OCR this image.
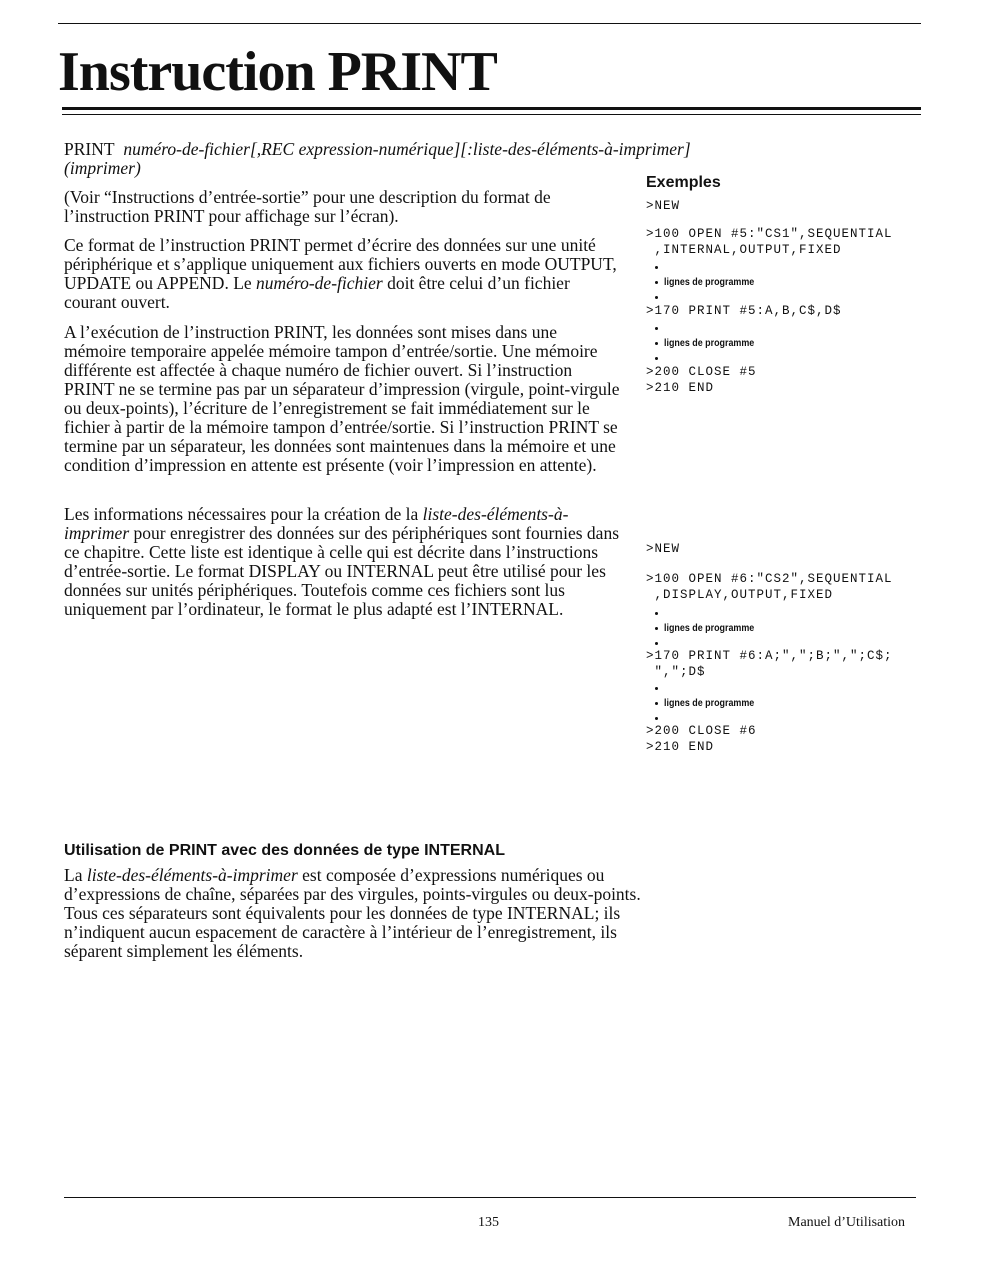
Instruction PRINT
PRINT numéro-de-fichier[,REC expression-numérique][:liste-des-éléments-à-imprimer]
(imprimer)

(Voir “Instructions d’entrée-sortie” pour une description du format de l’instruction PRINT pour affichage sur l’écran).

Ce format de l’instruction PRINT permet d’écrire des données sur une unité périphérique et s’applique uniquement aux fichiers ouverts en mode OUTPUT, UPDATE ou APPEND. Le numéro-de-fichier doit être celui d’un fichier courant ouvert.

A l’exécution de l’instruction PRINT, les données sont mises dans une mémoire temporaire appelée mémoire tampon d’entrée/sortie. Une mémoire différente est affectée à chaque numéro de fichier ouvert. Si l’instruction PRINT ne se termine pas par un séparateur d’impression (virgule, point-virgule ou deux-points), l’écriture de l’enregistrement se fait immédiatement sur le fichier à partir de la mémoire tampon d’entrée/sortie. Si l’instruction PRINT se termine par un séparateur, les données sont maintenues dans la mémoire et une condition d’impression en attente est présente (voir l’impression en attente).

Les informations nécessaires pour la création de la liste-des-éléments-à-imprimer pour enregistrer des données sur des périphériques sont fournies dans ce chapitre. Cette liste est identique à celle qui est décrite dans l’instructions d’entrée-sortie. Le format DISPLAY ou INTERNAL peut être utilisé pour les données sur unités périphériques. Toutefois comme ces fichiers sont lus uniquement par l’ordinateur, le format le plus adapté est l’INTERNAL.

Exemples
>NEW
>100 OPEN #5:"CS1",SEQUENTIAL
,INTERNAL,OUTPUT,FIXED
lignes de programme
>170 PRINT #5:A,B,C$,D$
lignes de programme
>200 CLOSE #5
>210 END
>NEW
>100 OPEN #6:"CS2",SEQUENTIAL
,DISPLAY,OUTPUT,FIXED
lignes de programme
>170 PRINT #6:A;",";B;",";C$;
",";D$
lignes de programme
>200 CLOSE #6
>210 END
Utilisation de PRINT avec des données de type INTERNAL

La liste-des-éléments-à-imprimer est composée d’expressions numériques ou d’expressions de chaîne, séparées par des virgules, points-virgules ou deux-points. Tous ces séparateurs sont équivalents pour les données de type INTERNAL; ils n’indiquent aucun espacement de caractère à l’intérieur de l’enregistrement, ils séparent simplement les éléments.

135	Manuel d’Utilisation
